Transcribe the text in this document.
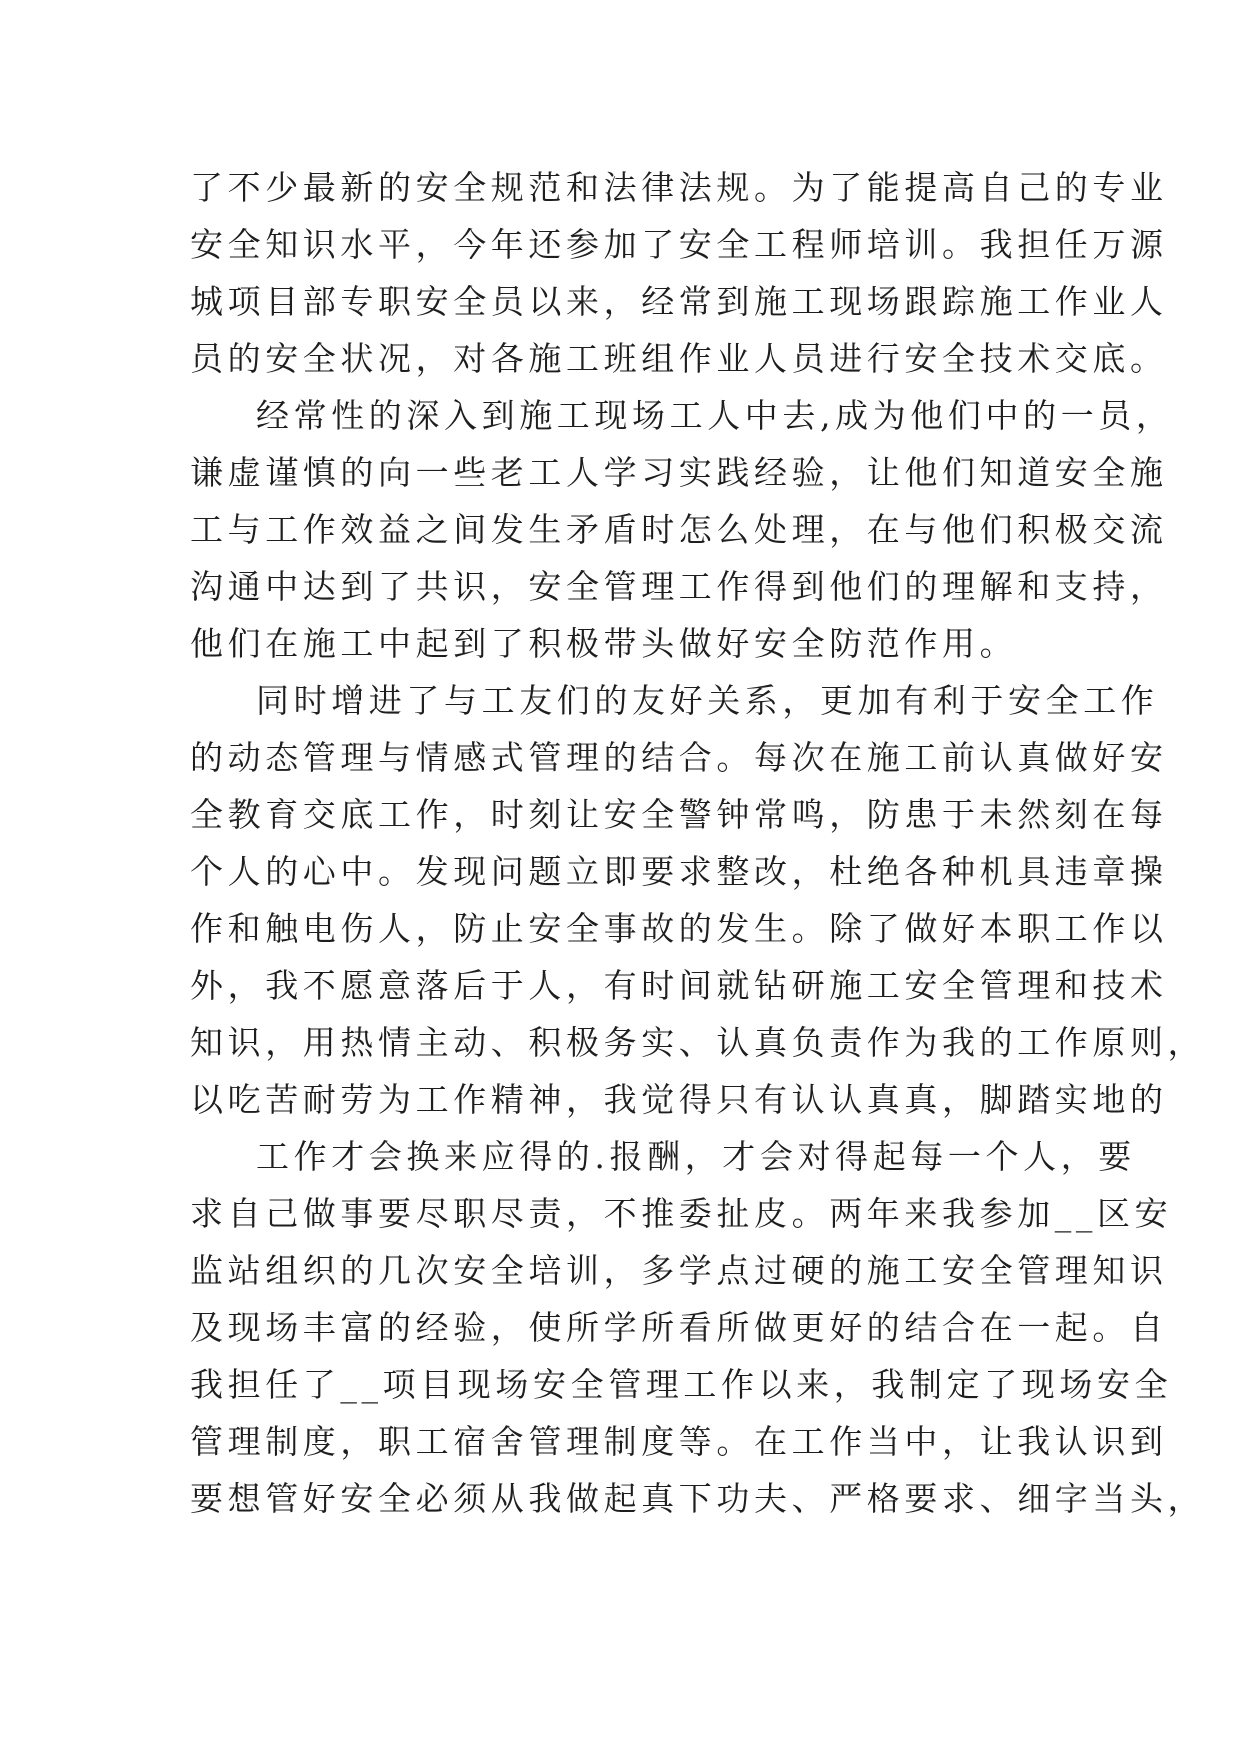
了不少最新的安全规范和法律法规。为了能提高自己的专业
安全知识水平，今年还参加了安全工程师培训。我担任万源
城项目部专职安全员以来，经常到施工现场跟踪施工作业人
员的安全状况，对各施工班组作业人员进行安全技术交底。
经常性的深入到施工现场工人中去,成为他们中的一员，
谦虚谨慎的向一些老工人学习实践经验，让他们知道安全施
工与工作效益之间发生矛盾时怎么处理，在与他们积极交流
沟通中达到了共识，安全管理工作得到他们的理解和支持，
他们在施工中起到了积极带头做好安全防范作用。
同时增进了与工友们的友好关系，更加有利于安全工作
的动态管理与情感式管理的结合。每次在施工前认真做好安
全教育交底工作，时刻让安全警钟常鸣，防患于未然刻在每
个人的心中。发现问题立即要求整改，杜绝各种机具违章操
作和触电伤人，防止安全事故的发生。除了做好本职工作以
外，我不愿意落后于人，有时间就钻研施工安全管理和技术
知识，用热情主动、积极务实、认真负责作为我的工作原则，
以吃苦耐劳为工作精神，我觉得只有认认真真，脚踏实地的
工作才会换来应得的.报酬，才会对得起每一个人，要
求自己做事要尽职尽责，不推委扯皮。两年来我参加__区安
监站组织的几次安全培训，多学点过硬的施工安全管理知识
及现场丰富的经验，使所学所看所做更好的结合在一起。自
我担任了__项目现场安全管理工作以来，我制定了现场安全
管理制度，职工宿舍管理制度等。在工作当中，让我认识到
要想管好安全必须从我做起真下功夫、严格要求、细字当头，
